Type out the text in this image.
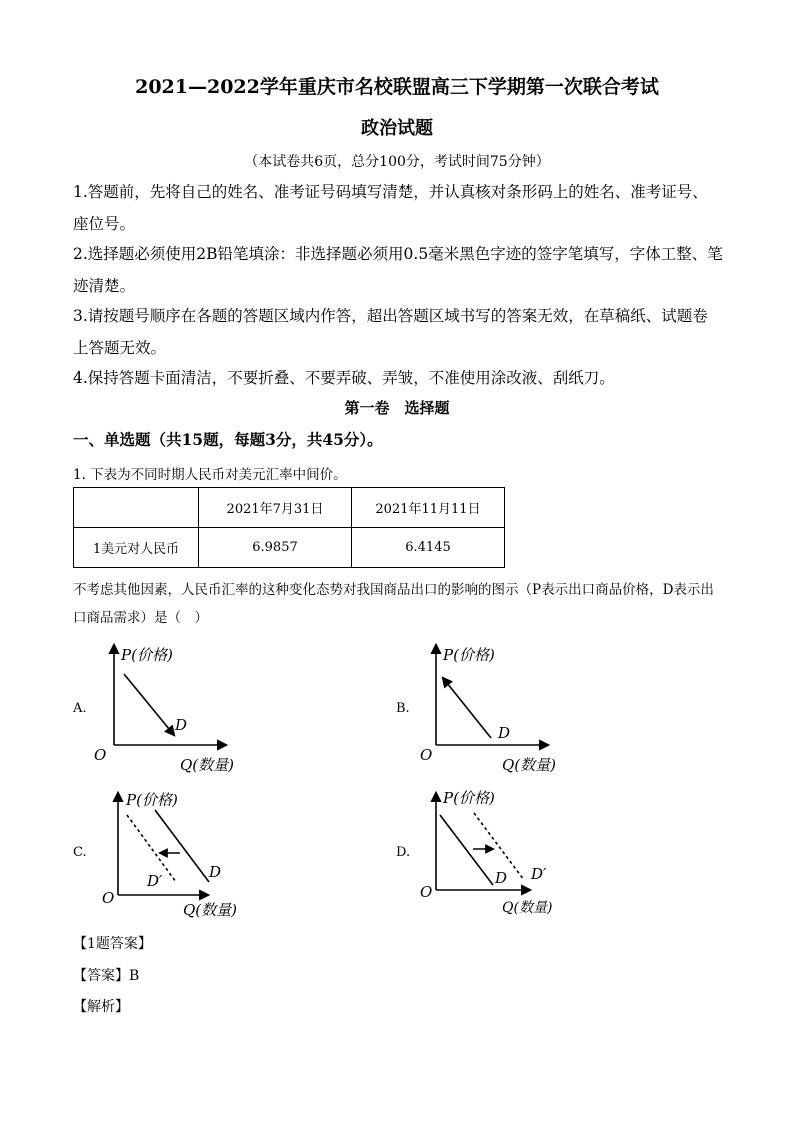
2021—2022学年重庆市名校联盟高三下学期第一次联合考试
政治试题
（本试卷共6页，总分100分，考试时间75分钟）
1.答题前，先将自己的姓名、准考证号码填写清楚，并认真核对条形码上的姓名、准考证号、座位号。
2.选择题必须使用2B铅笔填涂：非选择题必须用0.5毫米黑色字迹的签字笔填写，字体工整、笔迹清楚。
3.请按题号顺序在各题的答题区域内作答，超出答题区域书写的答案无效，在草稿纸、试题卷上答题无效。
4.保持答题卡面清洁，不要折叠、不要弄破、弄皱，不准使用涂改液、刮纸刀。
第一卷　选择题
一、单选题（共15题，每题3分，共45分）。
1. 下表为不同时期人民币对美元汇率中间价。
	2021年7月31日	2021年11月11日
1美元对人民币	6.9857	6.4145
不考虑其他因素，人民币汇率的这种变化态势对我国商品出口的影响的图示（P表示出口商品价格，D表示出口商品需求）是（　）
A.
P(价格)
Q(数量)
O
D
B.
P(价格)
Q(数量)
O
D
C.
P(价格)
Q(数量)
O
D
D′
D.
P(价格)
Q(数量)
O
D D′
【1题答案】
【答案】B
【解析】
